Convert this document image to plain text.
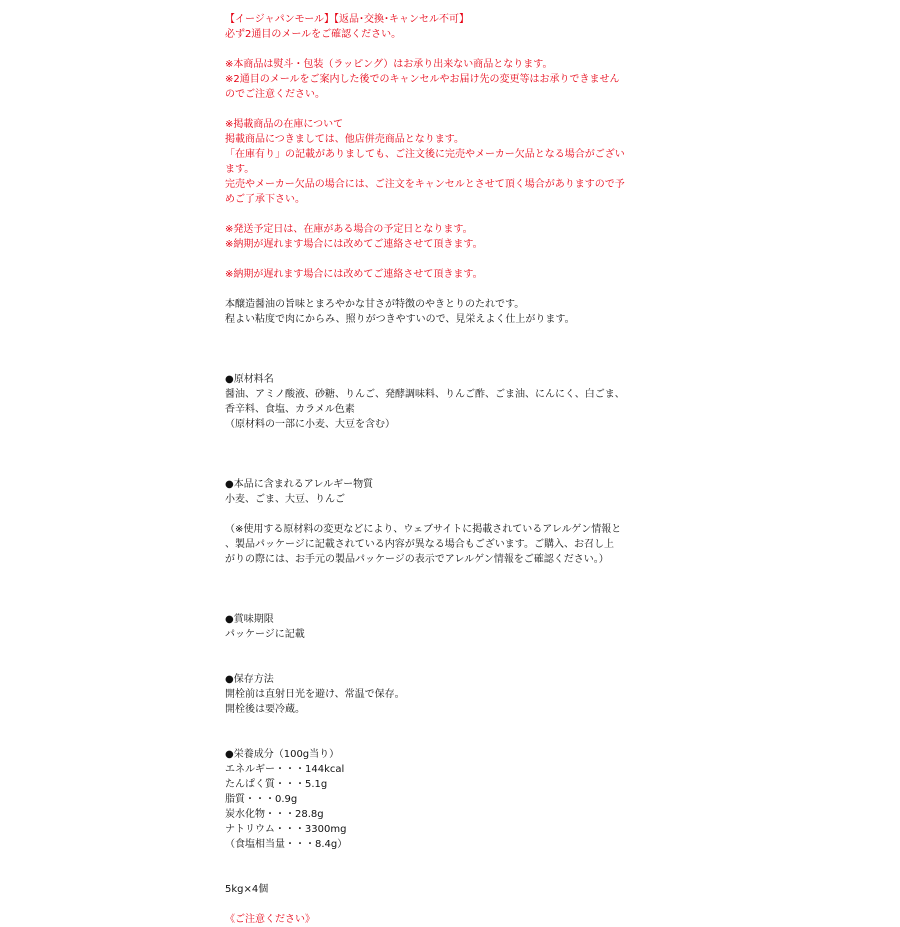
【イージャパンモール】【返品･交換･キャンセル不可】
必ず2通目のメールをご確認ください。
※本商品は熨斗・包装（ラッピング）はお承り出来ない商品となります。
※2通目のメールをご案内した後でのキャンセルやお届け先の変更等はお承りできません
のでご注意ください。
※掲載商品の在庫について
掲載商品につきましては、他店併売商品となります。
「在庫有り」の記載がありましても、ご注文後に完売やメーカー欠品となる場合がござい
ます。
完売やメーカー欠品の場合には、ご注文をキャンセルとさせて頂く場合がありますので予
めご了承下さい。
※発送予定日は、在庫がある場合の予定日となります。
※納期が遅れます場合には改めてご連絡させて頂きます。
※納期が遅れます場合には改めてご連絡させて頂きます。
本醸造醤油の旨味とまろやかな甘さが特徴のやきとりのたれです。
程よい粘度で肉にからみ、照りがつきやすいので、見栄えよく仕上がります。
●原材料名
醤油、アミノ酸液、砂糖、りんご、発酵調味料、りんご酢、ごま油、にんにく、白ごま、
香辛料、食塩、カラメル色素
（原材料の一部に小麦、大豆を含む）
●本品に含まれるアレルギー物質
小麦、ごま、大豆、りんご
（※使用する原材料の変更などにより、ウェブサイトに掲載されているアレルゲン情報と
、製品パッケージに記載されている内容が異なる場合もございます。ご購入、お召し上
がりの際には、お手元の製品パッケージの表示でアレルゲン情報をご確認ください。）
●賞味期限
パッケージに記載
●保存方法
開栓前は直射日光を避け、常温で保存。
開栓後は要冷蔵。
●栄養成分（100g当り）
エネルギー・・・144kcal
たんぱく質・・・5.1g
脂質・・・0.9g
炭水化物・・・28.8g
ナトリウム・・・3300mg
（食塩相当量・・・8.4g）
5kg×4個
《ご注意ください》
